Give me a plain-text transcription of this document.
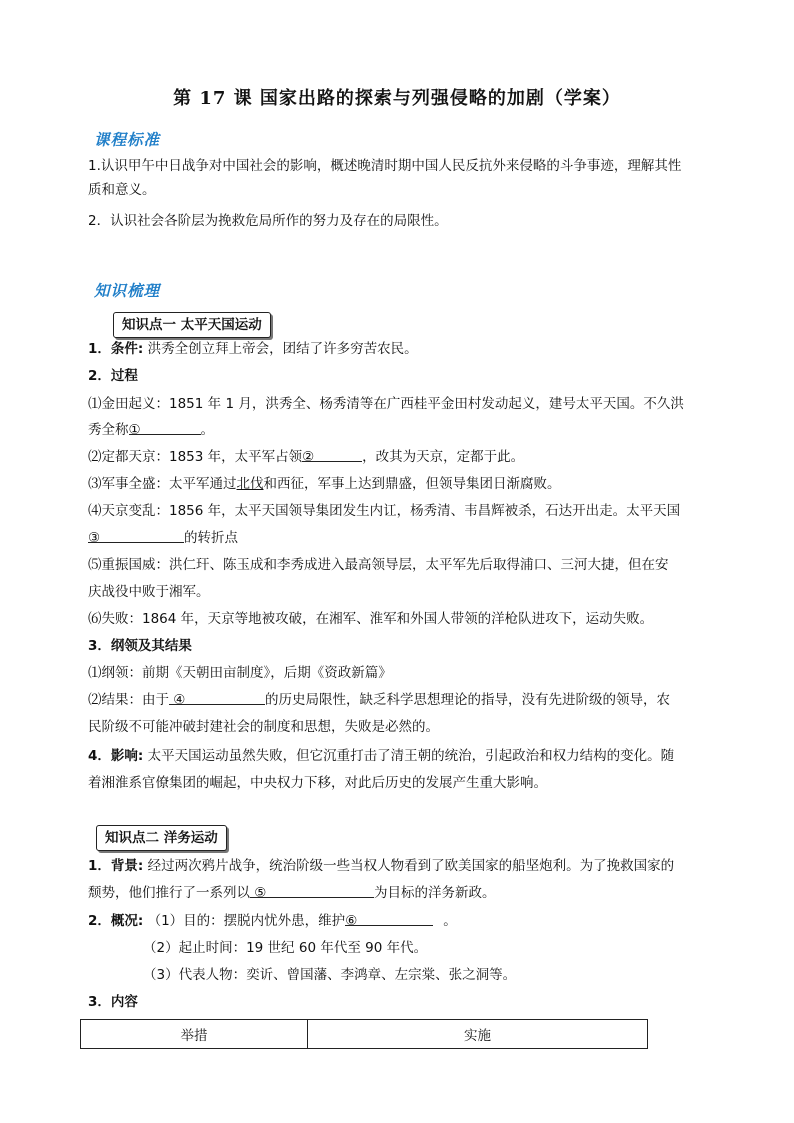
第 17 课 国家出路的探索与列强侵略的加剧（学案）
课程标准
1.认识甲午中日战争对中国社会的影响，概述晚清时期中国人民反抗外来侵略的斗争事迹，理解其性
质和意义。
2．认识社会各阶层为挽救危局所作的努力及存在的局限性。
知识梳理
知识点一 太平天国运动
1．条件: 洪秀全创立拜上帝会，团结了许多穷苦农民。
2．过程
⑴金田起义：1851 年 1 月，洪秀全、杨秀清等在广西桂平金田村发动起义，建号太平天国。不久洪
秀全称①	。
⑵定都天京：1853 年，太平军占领②	，改其为天京，定都于此。
⑶军事全盛：太平军通过北伐和西征，军事上达到鼎盛，但领导集团日渐腐败。
⑷天京变乱：1856 年，太平天国领导集团发生内讧，杨秀清、韦昌辉被杀，石达开出走。太平天国
③	的转折点
⑸重振国威：洪仁玕、陈玉成和李秀成进入最高领导层，太平军先后取得浦口、三河大捷，但在安
庆战役中败于湘军。
⑹失败：1864 年，天京等地被攻破，在湘军、淮军和外国人带领的洋枪队进攻下，运动失败。
3．纲领及其结果
⑴纲领：前期《天朝田亩制度》，后期《资政新篇》
⑵结果：由于 ④	的历史局限性，缺乏科学思想理论的指导，没有先进阶级的领导，农
民阶级不可能冲破封建社会的制度和思想，失败是必然的。
4．影响: 太平天国运动虽然失败，但它沉重打击了清王朝的统治，引起政治和权力结构的变化。随
着湘淮系官僚集团的崛起，中央权力下移，对此后历史的发展产生重大影响。
知识点二 洋务运动
1．背景: 经过两次鸦片战争，统治阶级一些当权人物看到了欧美国家的船坚炮利。为了挽救国家的
颓势，他们推行了一系列以 ⑤	为目标的洋务新政。
2．概况: （1）目的：摆脱内忧外患，维护⑥	。
（2）起止时间：19 世纪 60 年代至 90 年代。
（3）代表人物：奕䜣、曾国藩、李鸿章、左宗棠、张之洞等。
3．内容
举措	实施
